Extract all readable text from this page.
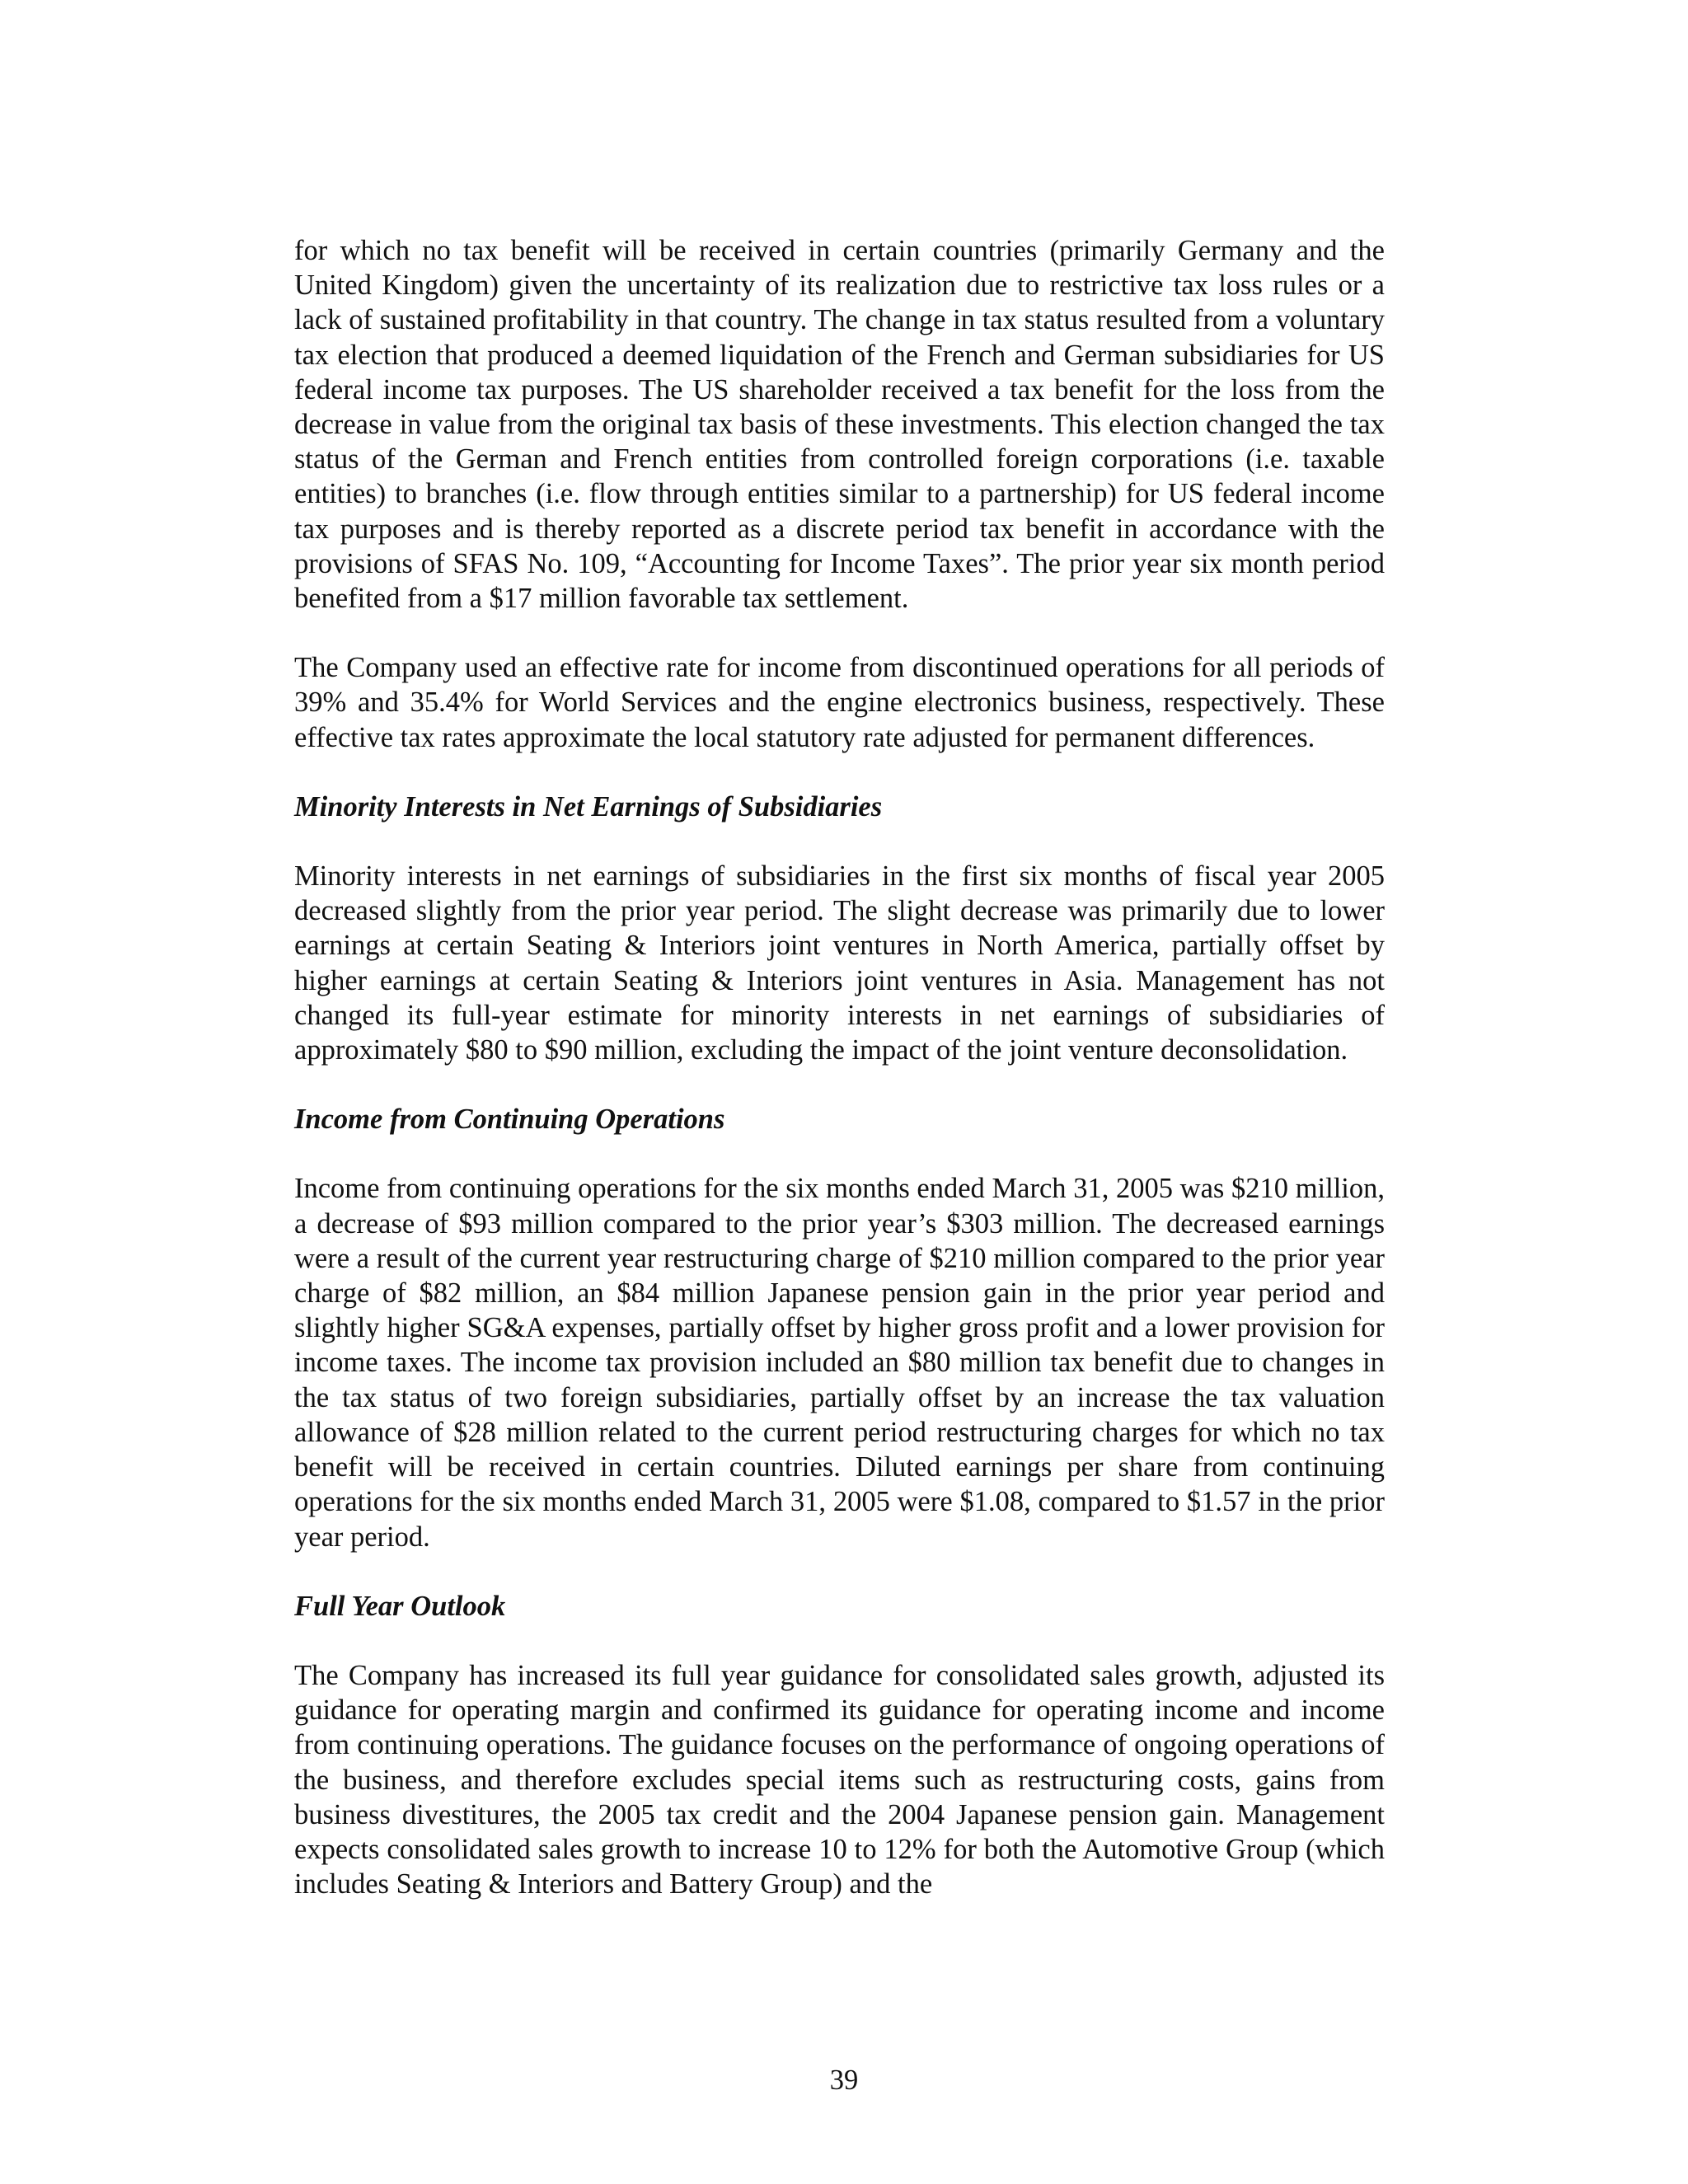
for which no tax benefit will be received in certain countries (primarily Germany and the United Kingdom) given the uncertainty of its realization due to restrictive tax loss rules or a lack of sustained profitability in that country. The change in tax status resulted from a voluntary tax election that produced a deemed liquidation of the French and German subsidiaries for US federal income tax purposes. The US shareholder received a tax benefit for the loss from the decrease in value from the original tax basis of these investments. This election changed the tax status of the German and French entities from controlled foreign corporations (i.e. taxable entities) to branches (i.e. flow through entities similar to a partnership) for US federal income tax purposes and is thereby reported as a discrete period tax benefit in accordance with the provisions of SFAS No. 109, “Accounting for Income Taxes”. The prior year six month period benefited from a $17 million favorable tax settlement.

The Company used an effective rate for income from discontinued operations for all periods of 39% and 35.4% for World Services and the engine electronics business, respectively. These effective tax rates approximate the local statutory rate adjusted for permanent differences.

Minority Interests in Net Earnings of Subsidiaries

Minority interests in net earnings of subsidiaries in the first six months of fiscal year 2005 decreased slightly from the prior year period. The slight decrease was primarily due to lower earnings at certain Seating & Interiors joint ventures in North America, partially offset by higher earnings at certain Seating & Interiors joint ventures in Asia. Management has not changed its full-year estimate for minority interests in net earnings of subsidiaries of approximately $80 to $90 million, excluding the impact of the joint venture deconsolidation.

Income from Continuing Operations

Income from continuing operations for the six months ended March 31, 2005 was $210 million, a decrease of $93 million compared to the prior year’s $303 million. The decreased earnings were a result of the current year restructuring charge of $210 million compared to the prior year charge of $82 million, an $84 million Japanese pension gain in the prior year period and slightly higher SG&A expenses, partially offset by higher gross profit and a lower provision for income taxes. The income tax provision included an $80 million tax benefit due to changes in the tax status of two foreign subsidiaries, partially offset by an increase the tax valuation allowance of $28 million related to the current period restructuring charges for which no tax benefit will be received in certain countries. Diluted earnings per share from continuing operations for the six months ended March 31, 2005 were $1.08, compared to $1.57 in the prior year period.

Full Year Outlook

The Company has increased its full year guidance for consolidated sales growth, adjusted its guidance for operating margin and confirmed its guidance for operating income and income from continuing operations. The guidance focuses on the performance of ongoing operations of the business, and therefore excludes special items such as restructuring costs, gains from business divestitures, the 2005 tax credit and the 2004 Japanese pension gain. Management expects consolidated sales growth to increase 10 to 12% for both the Automotive Group (which includes Seating & Interiors and Battery Group) and the

39
